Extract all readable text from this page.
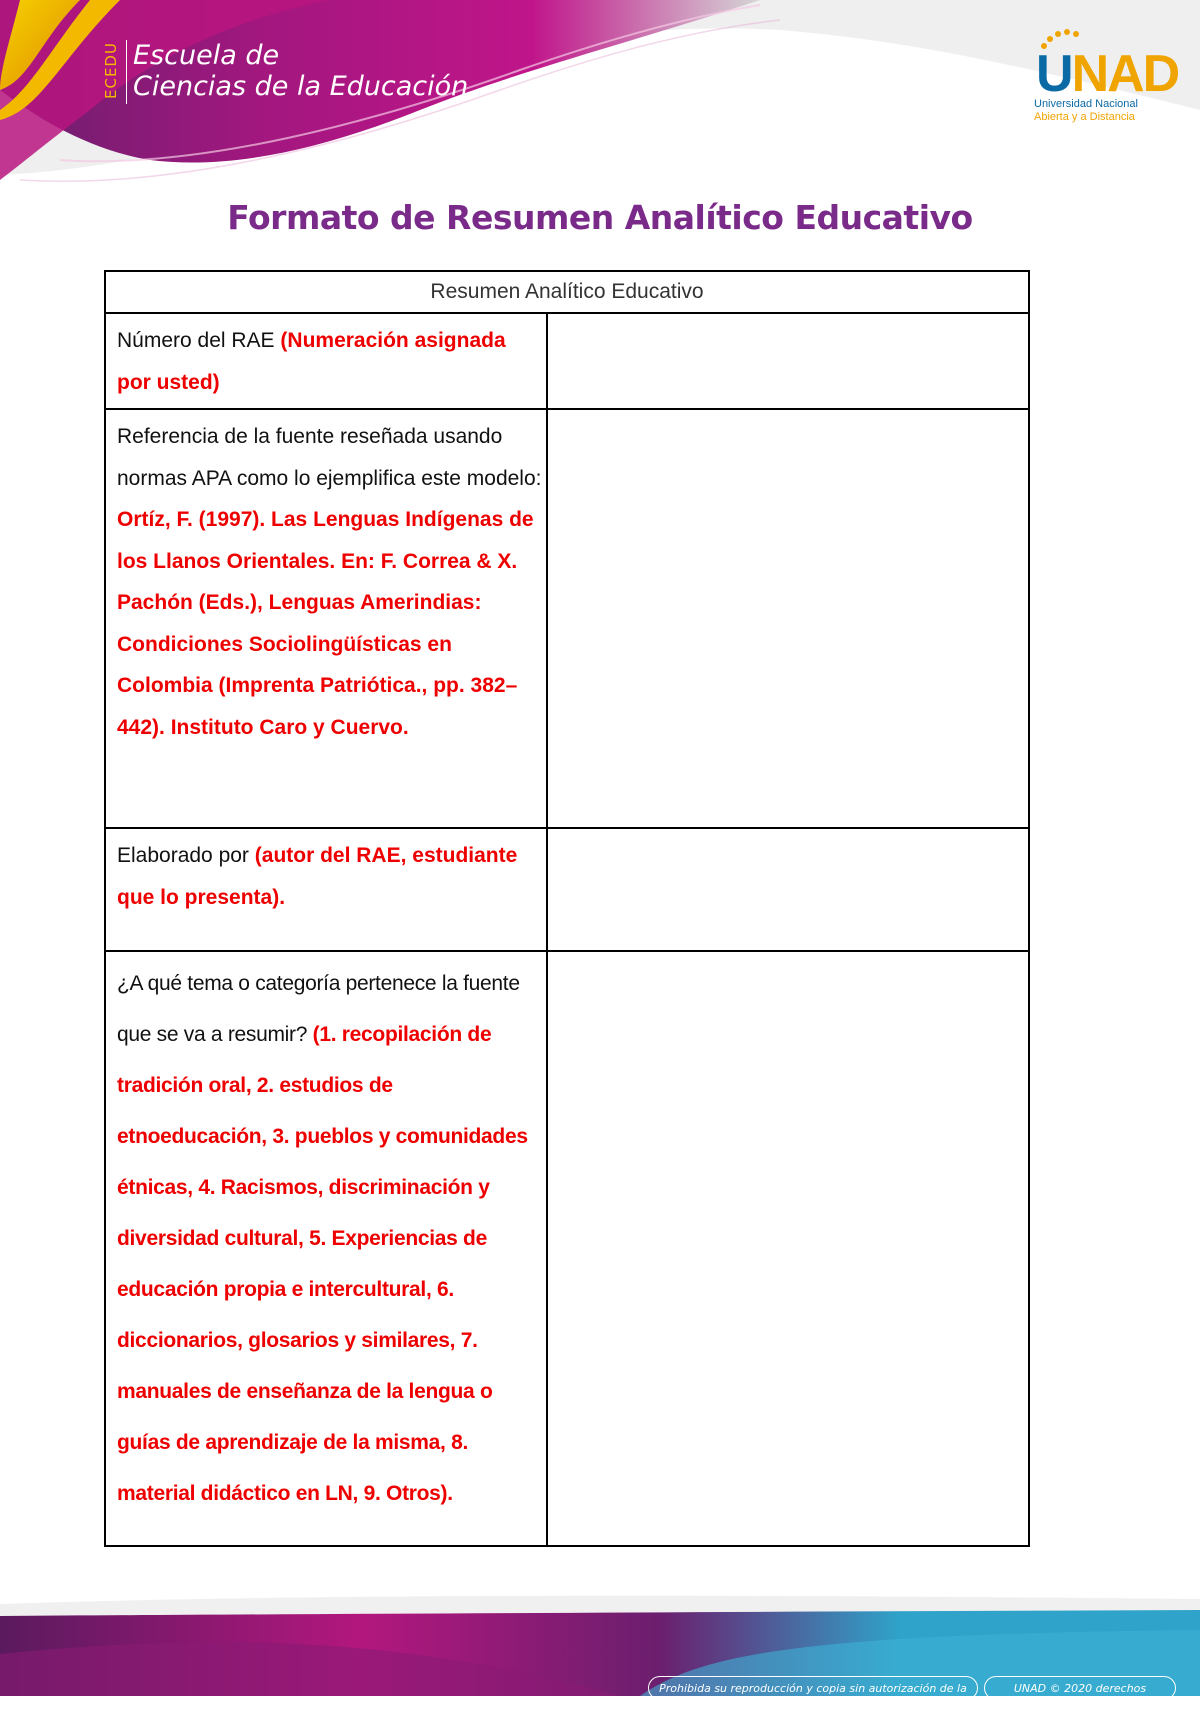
ECEDU Escuela de
Ciencias de la Educación	UNAD
Universidad Nacional
Abierta y a Distancia
Formato de Resumen Analítico Educativo
Resumen Analítico Educativo	
Número del RAE (Numeración asignada por usted)	

Referencia de la fuente reseñada usando normas APA como lo ejemplifica este modelo:
Ortíz, F. (1997). Las Lenguas Indígenas de los Llanos Orientales. En: F. Correa & X. Pachón (Eds.), Lenguas Amerindias: Condiciones Sociolingüísticas en Colombia (Imprenta Patriótica., pp. 382–442). Instituto Caro y Cuervo.	

Elaborado por (autor del RAE, estudiante que lo presenta).	
¿A qué tema o categoría pertenece la fuente que se va a resumir? (1. recopilación de tradición oral, 2. estudios de etnoeducación, 3. pueblos y comunidades étnicas, 4. Racismos, discriminación y diversidad cultural, 5. Experiencias de educación propia e intercultural, 6. diccionarios, glosarios y similares, 7. manuales de enseñanza de la lengua o guías de aprendizaje de la misma, 8. material didáctico en LN, 9. Otros).	
Prohibida su reproducción y copia sin autorización de la UNAD.
UNAD © 2020 derechos reservados.
